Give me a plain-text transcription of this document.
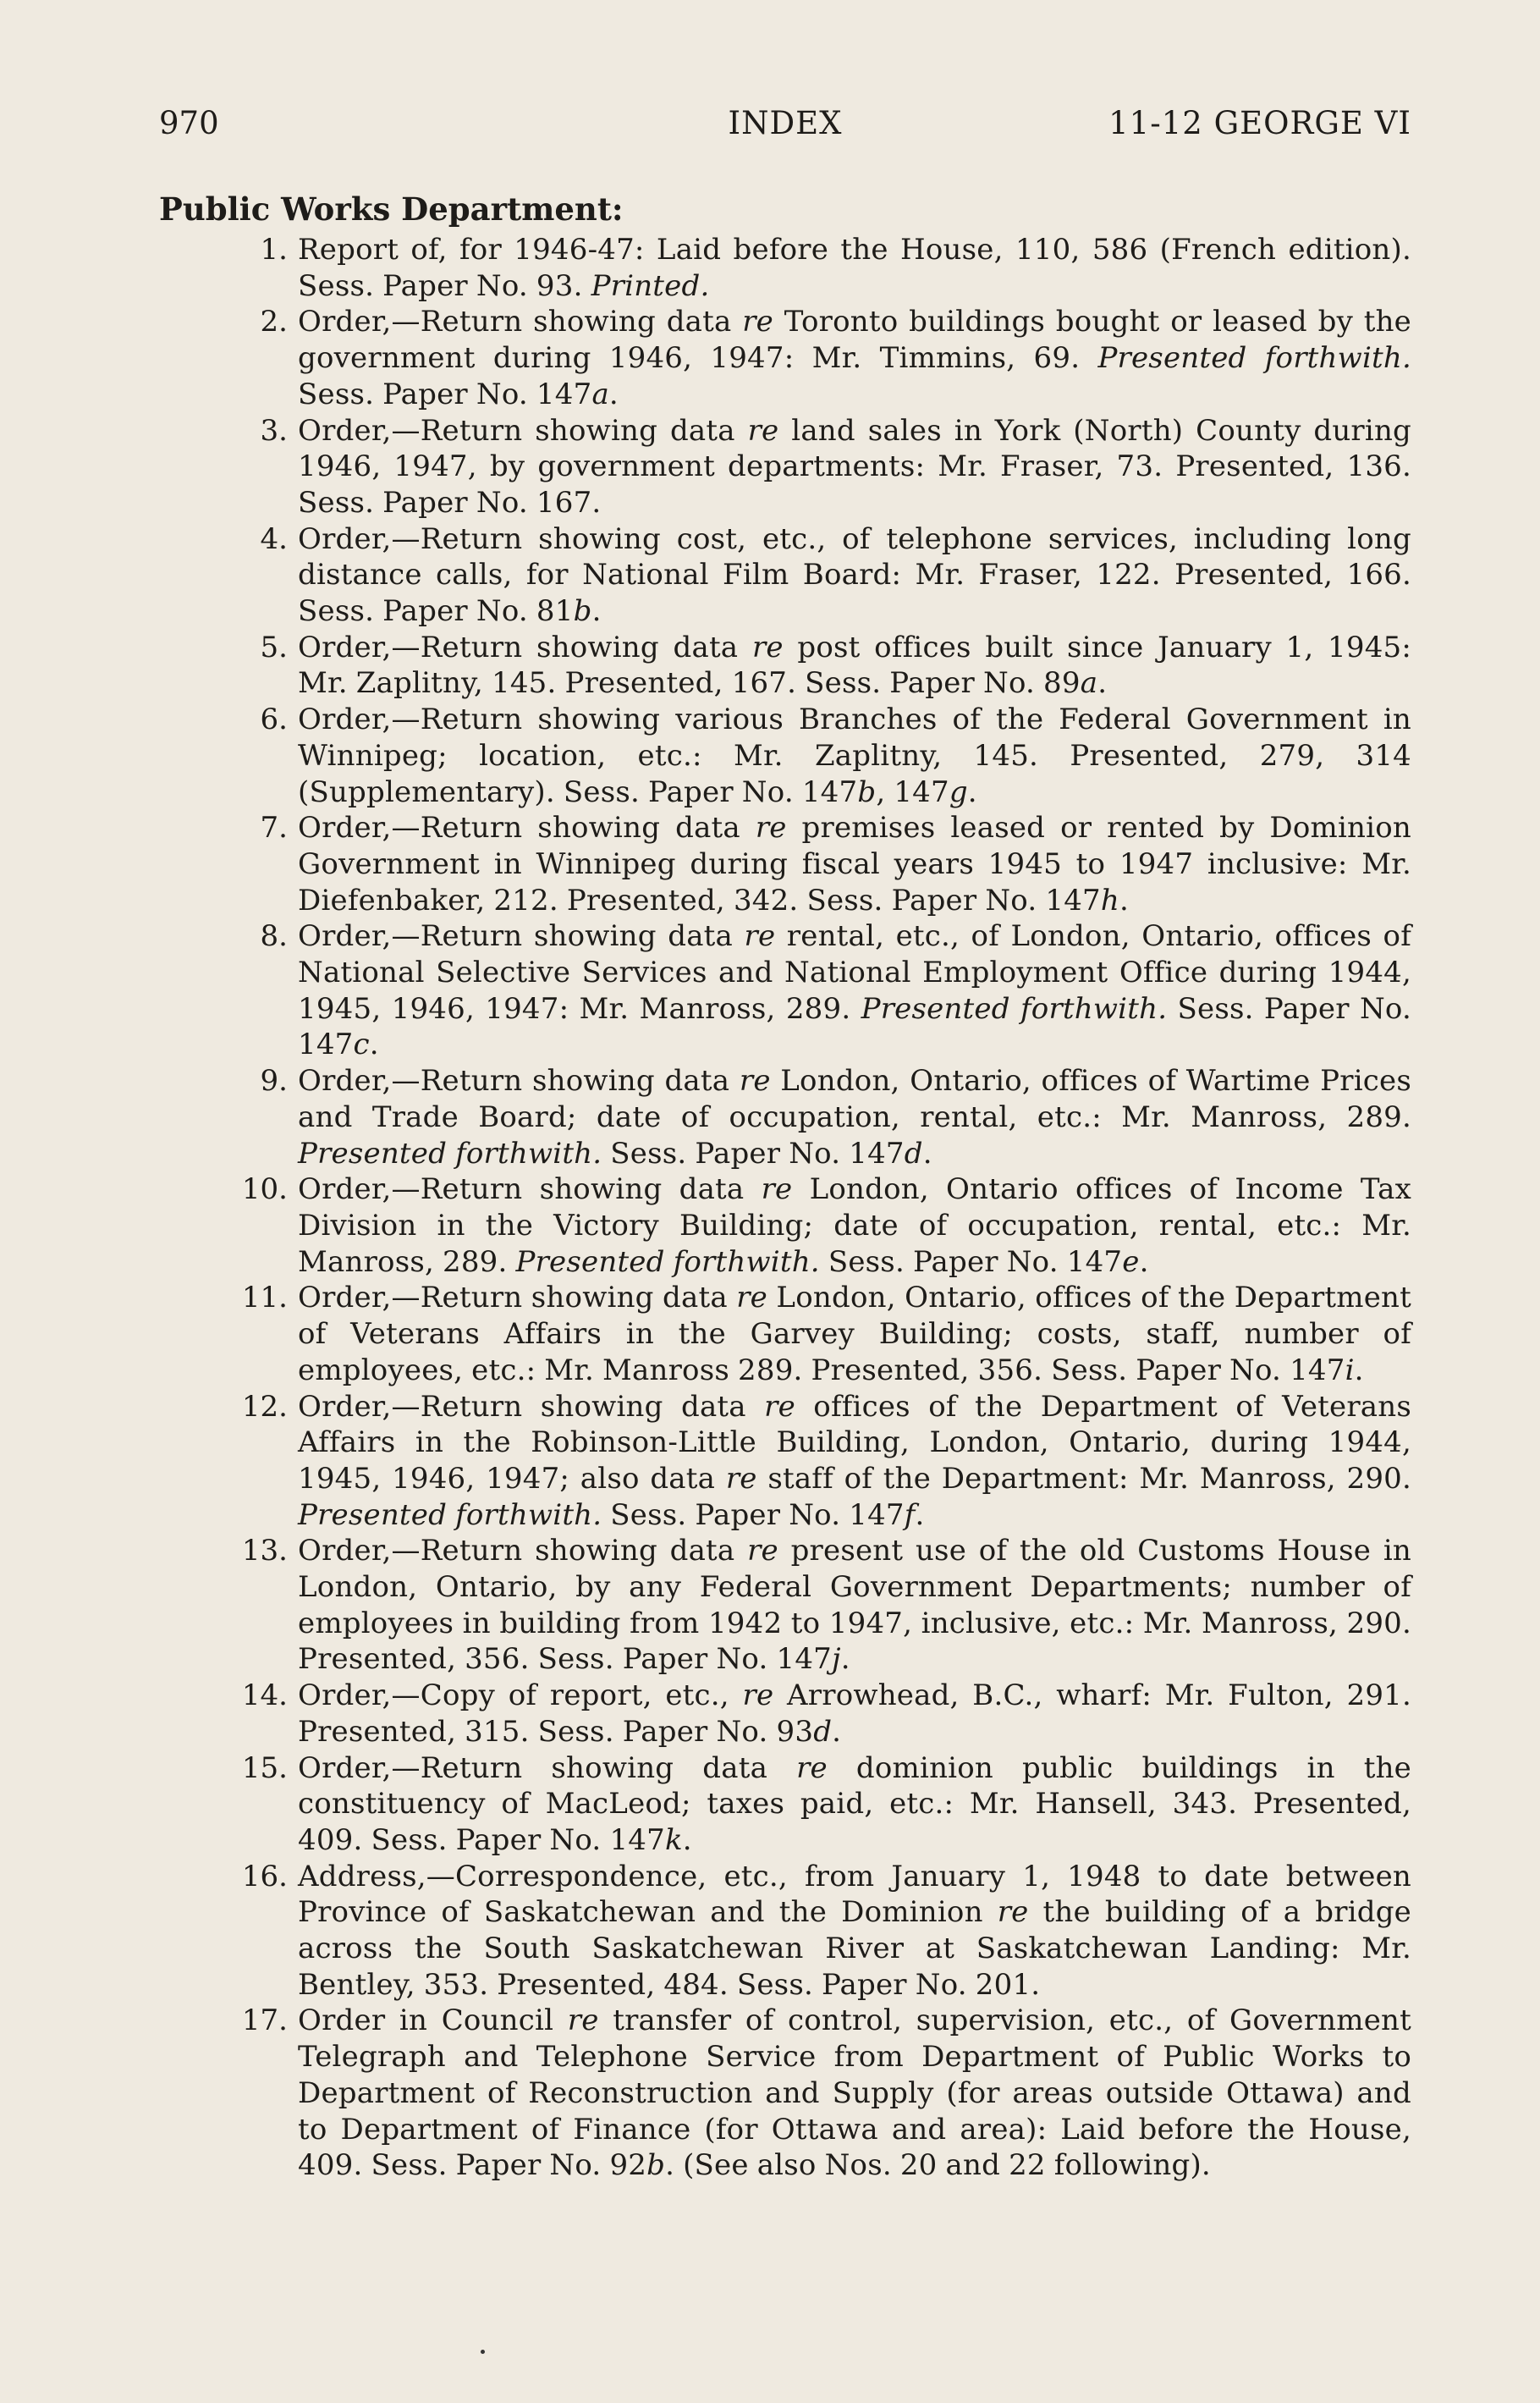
970	INDEX	11-12 GEORGE VI
Public Works Department:
1. Report of, for 1946-47: Laid before the House, 110, 586 (French edition). Sess. Paper No. 93. Printed.
2. Order,—Return showing data re Toronto buildings bought or leased by the government during 1946, 1947: Mr. Timmins, 69. Presented forthwith. Sess. Paper No. 147a.
3. Order,—Return showing data re land sales in York (North) County during 1946, 1947, by government departments: Mr. Fraser, 73. Presented, 136. Sess. Paper No. 167.
4. Order,—Return showing cost, etc., of telephone services, including long distance calls, for National Film Board: Mr. Fraser, 122. Presented, 166. Sess. Paper No. 81b.
5. Order,—Return showing data re post offices built since January 1, 1945: Mr. Zaplitny, 145. Presented, 167. Sess. Paper No. 89a.
6. Order,—Return showing various Branches of the Federal Government in Winnipeg; location, etc.: Mr. Zaplitny, 145. Presented, 279, 314 (Supplementary). Sess. Paper No. 147b, 147g.
7. Order,—Return showing data re premises leased or rented by Dominion Government in Winnipeg during fiscal years 1945 to 1947 inclusive: Mr. Diefenbaker, 212. Presented, 342. Sess. Paper No. 147h.
8. Order,—Return showing data re rental, etc., of London, Ontario, offices of National Selective Services and National Employment Office during 1944, 1945, 1946, 1947: Mr. Manross, 289. Presented forthwith. Sess. Paper No. 147c.
9. Order,—Return showing data re London, Ontario, offices of Wartime Prices and Trade Board; date of occupation, rental, etc.: Mr. Manross, 289. Presented forthwith. Sess. Paper No. 147d.
10. Order,—Return showing data re London, Ontario offices of Income Tax Division in the Victory Building; date of occupation, rental, etc.: Mr. Manross, 289. Presented forthwith. Sess. Paper No. 147e.
11. Order,—Return showing data re London, Ontario, offices of the Department of Veterans Affairs in the Garvey Building; costs, staff, number of employees, etc.: Mr. Manross 289. Presented, 356. Sess. Paper No. 147i.
12. Order,—Return showing data re offices of the Department of Veterans Affairs in the Robinson-Little Building, London, Ontario, during 1944, 1945, 1946, 1947; also data re staff of the Department: Mr. Manross, 290. Presented forthwith. Sess. Paper No. 147f.
13. Order,—Return showing data re present use of the old Customs House in London, Ontario, by any Federal Government Departments; number of employees in building from 1942 to 1947, inclusive, etc.: Mr. Manross, 290. Presented, 356. Sess. Paper No. 147j.
14. Order,—Copy of report, etc., re Arrowhead, B.C., wharf: Mr. Fulton, 291. Presented, 315. Sess. Paper No. 93d.
15. Order,—Return showing data re dominion public buildings in the constituency of MacLeod; taxes paid, etc.: Mr. Hansell, 343. Presented, 409. Sess. Paper No. 147k.
16. Address,—Correspondence, etc., from January 1, 1948 to date between Province of Saskatchewan and the Dominion re the building of a bridge across the South Saskatchewan River at Saskatchewan Landing: Mr. Bentley, 353. Presented, 484. Sess. Paper No. 201.
17. Order in Council re transfer of control, supervision, etc., of Government Telegraph and Telephone Service from Department of Public Works to Department of Reconstruction and Supply (for areas outside Ottawa) and to Department of Finance (for Ottawa and area): Laid before the House, 409. Sess. Paper No. 92b. (See also Nos. 20 and 22 following).
